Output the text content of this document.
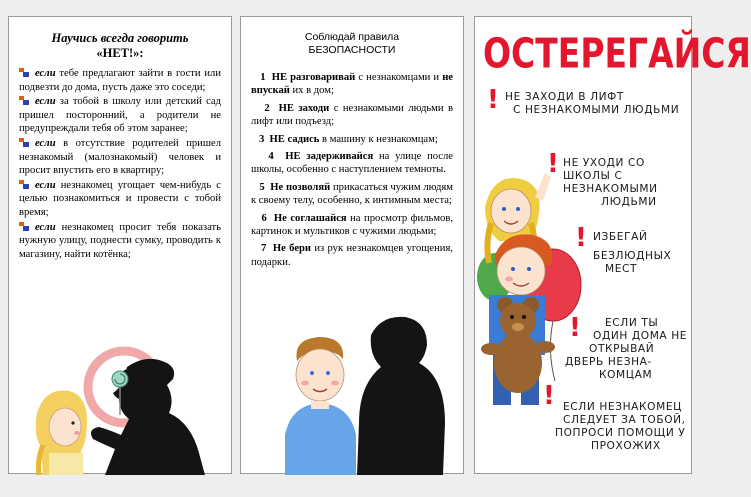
Научись всегда говорить
«НЕТ!»:
если тебе предлагают зайти в гости или подвезти до дома, пусть даже это соседи;
если за тобой в школу или детский сад пришел посторонний, а родители не предупреждали тебя об этом заранее;
если в отсутствие родителей пришел незнакомый (малознакомый) человек и просит впустить его в квартиру;
если незнакомец угощает чем-нибудь с целью познакомиться и провести с тобой время;
если незнакомец просит тебя показать нужную улицу, поднести сумку, проводить к магазину, найти котёнка;
Соблюдай правила
БЕЗОПАСНОСТИ
1 НЕ разговаривай с незнакомцами и не впускай их в дом;
2 НЕ заходи с незнакомыми людьми в лифт или подъезд;
3 НЕ садись в машину к незнакомцам;
4 НЕ задерживайся на улице после школы, особенно с наступлением темноты.
5 Не позволяй прикасаться чужим людям к своему телу, особенно, к интимным места;
6 Не соглашайся на просмотр фильмов, картинок и мультиков с чужими людьми;
7 Не бери из рук незнакомцев угощения, подарки.
ОСТЕРЕГАЙСЯ
! НЕ ЗАХОДИ В ЛИФТ
С НЕЗНАКОМЫМИ ЛЮДЬМИ
! НЕ УХОДИ СО
ШКОЛЫ С
НЕЗНАКОМЫМИ
ЛЮДЬМИ
! ИЗБЕГАЙ
БЕЗЛЮДНЫХ
МЕСТ
! ЕСЛИ ТЫ
ОДИН ДОМА НЕ
ОТКРЫВАЙ
ДВЕРЬ НЕЗНА-
КОМЦАМ
! ЕСЛИ НЕЗНАКОМЕЦ
СЛЕДУЕТ ЗА ТОБОЙ,
ПОПРОСИ ПОМОЩИ У
ПРОХОЖИХ
